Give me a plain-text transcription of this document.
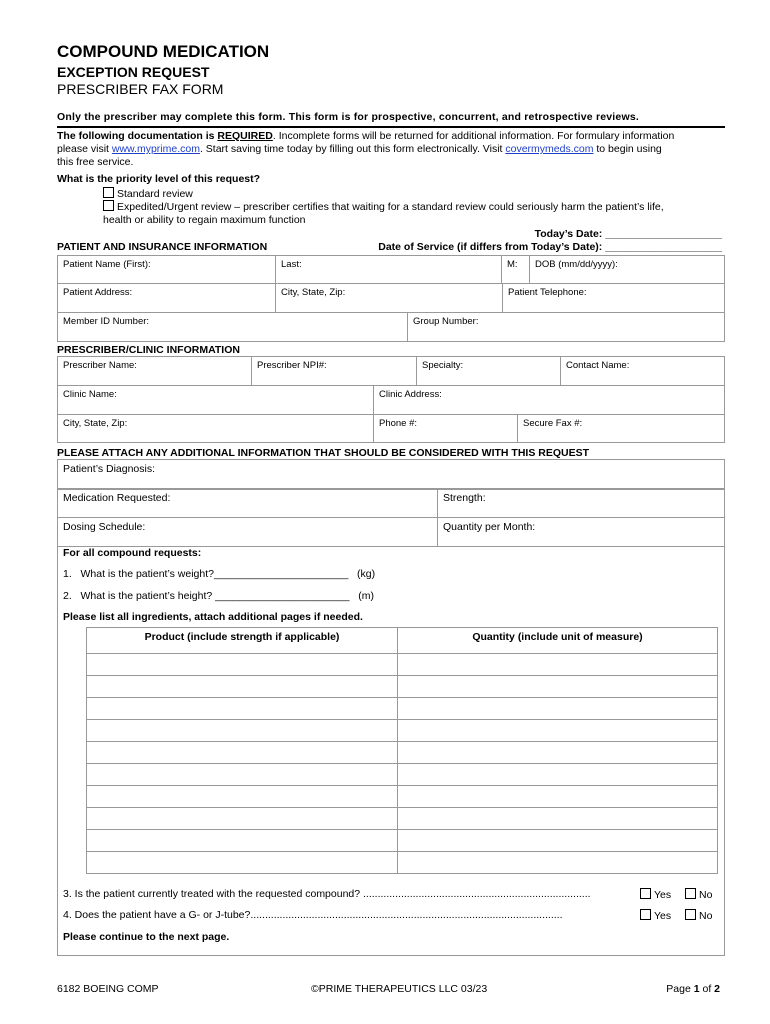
COMPOUND MEDICATION
EXCEPTION REQUEST
PRESCRIBER FAX FORM
Only the prescriber may complete this form. This form is for prospective, concurrent, and retrospective reviews.
The following documentation is REQUIRED. Incomplete forms will be returned for additional information. For formulary information
please visit www.myprime.com. Start saving time today by filling out this form electronically. Visit covermymeds.com to begin using
this free service.
What is the priority level of this request?
Standard review
Expedited/Urgent review – prescriber certifies that waiting for a standard review could seriously harm the patient’s life,
health or ability to regain maximum function
Today’s Date: ____________________
Date of Service (if differs from Today’s Date): ____________________
PATIENT AND INSURANCE INFORMATION
Patient Name (First):	Last:	M:	DOB (mm/dd/yyyy):
Patient Address:	City, State, Zip:	Patient Telephone:
Member ID Number:	Group Number:
PRESCRIBER/CLINIC INFORMATION
Prescriber Name:	Prescriber NPI#:	Specialty:	Contact Name:
Clinic Name:	Clinic Address:
City, State, Zip:	Phone #:	Secure Fax #:
PLEASE ATTACH ANY ADDITIONAL INFORMATION THAT SHOULD BE CONSIDERED WITH THIS REQUEST
Patient’s Diagnosis:
Medication Requested:	Strength:
Dosing Schedule:	Quantity per Month:
For all compound requests:
1.   What is the patient’s weight?_______________________   (kg)
2.   What is the patient’s height? _______________________   (m)
Please list all ingredients, attach additional pages if needed.
Product (include strength if applicable)	Quantity (include unit of measure)

3. Is the patient currently treated with the requested compound? ..............................................................................	Yes	No
4. Does the patient have a G- or J-tube?...........................................................................................................	Yes	No
Please continue to the next page.
6182 BOEING COMP	©PRIME THERAPEUTICS LLC 03/23	Page 1 of 2
